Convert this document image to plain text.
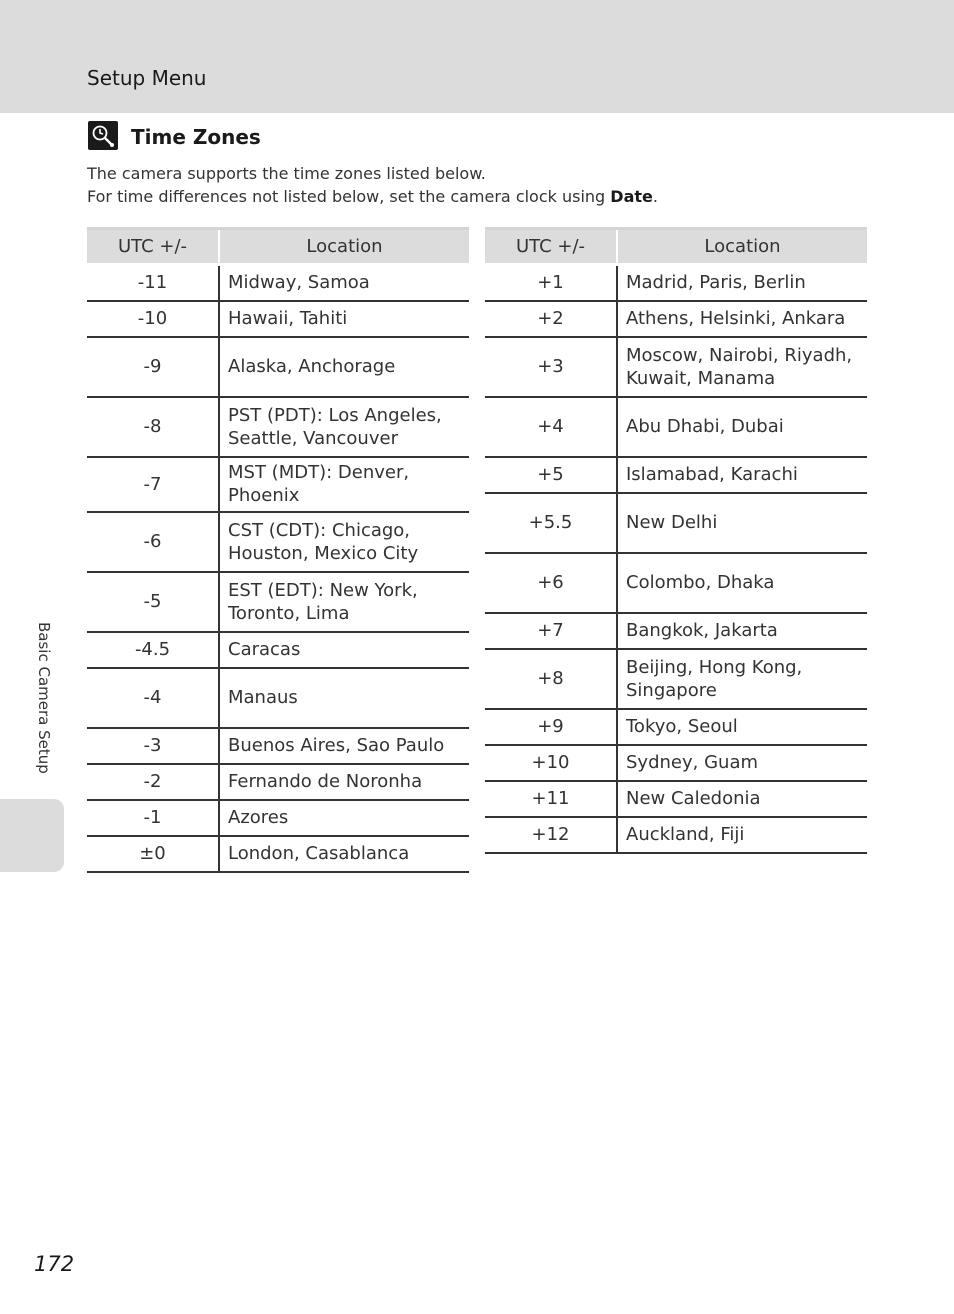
Setup Menu
Time Zones

The camera supports the time zones listed below.

For time differences not listed below, set the camera clock using Date.

UTC +/-	Location
-11	Midway, Samoa
-10	Hawaii, Tahiti
-9	Alaska, Anchorage
-8	PST (PDT): Los Angeles, Seattle, Vancouver
-7	MST (MDT): Denver, Phoenix
-6	CST (CDT): Chicago, Houston, Mexico City
-5	EST (EDT): New York, Toronto, Lima
-4.5	Caracas
-4	Manaus
-3	Buenos Aires, Sao Paulo
-2	Fernando de Noronha
-1	Azores
±0	London, Casablanca
UTC +/-	Location
+1	Madrid, Paris, Berlin
+2	Athens, Helsinki, Ankara
+3	Moscow, Nairobi, Riyadh, Kuwait, Manama
+4	Abu Dhabi, Dubai
+5	Islamabad, Karachi
+5.5	New Delhi
+6	Colombo, Dhaka
+7	Bangkok, Jakarta
+8	Beijing, Hong Kong, Singapore
+9	Tokyo, Seoul
+10	Sydney, Guam
+11	New Caledonia
+12	Auckland, Fiji
Basic Camera Setup
172
